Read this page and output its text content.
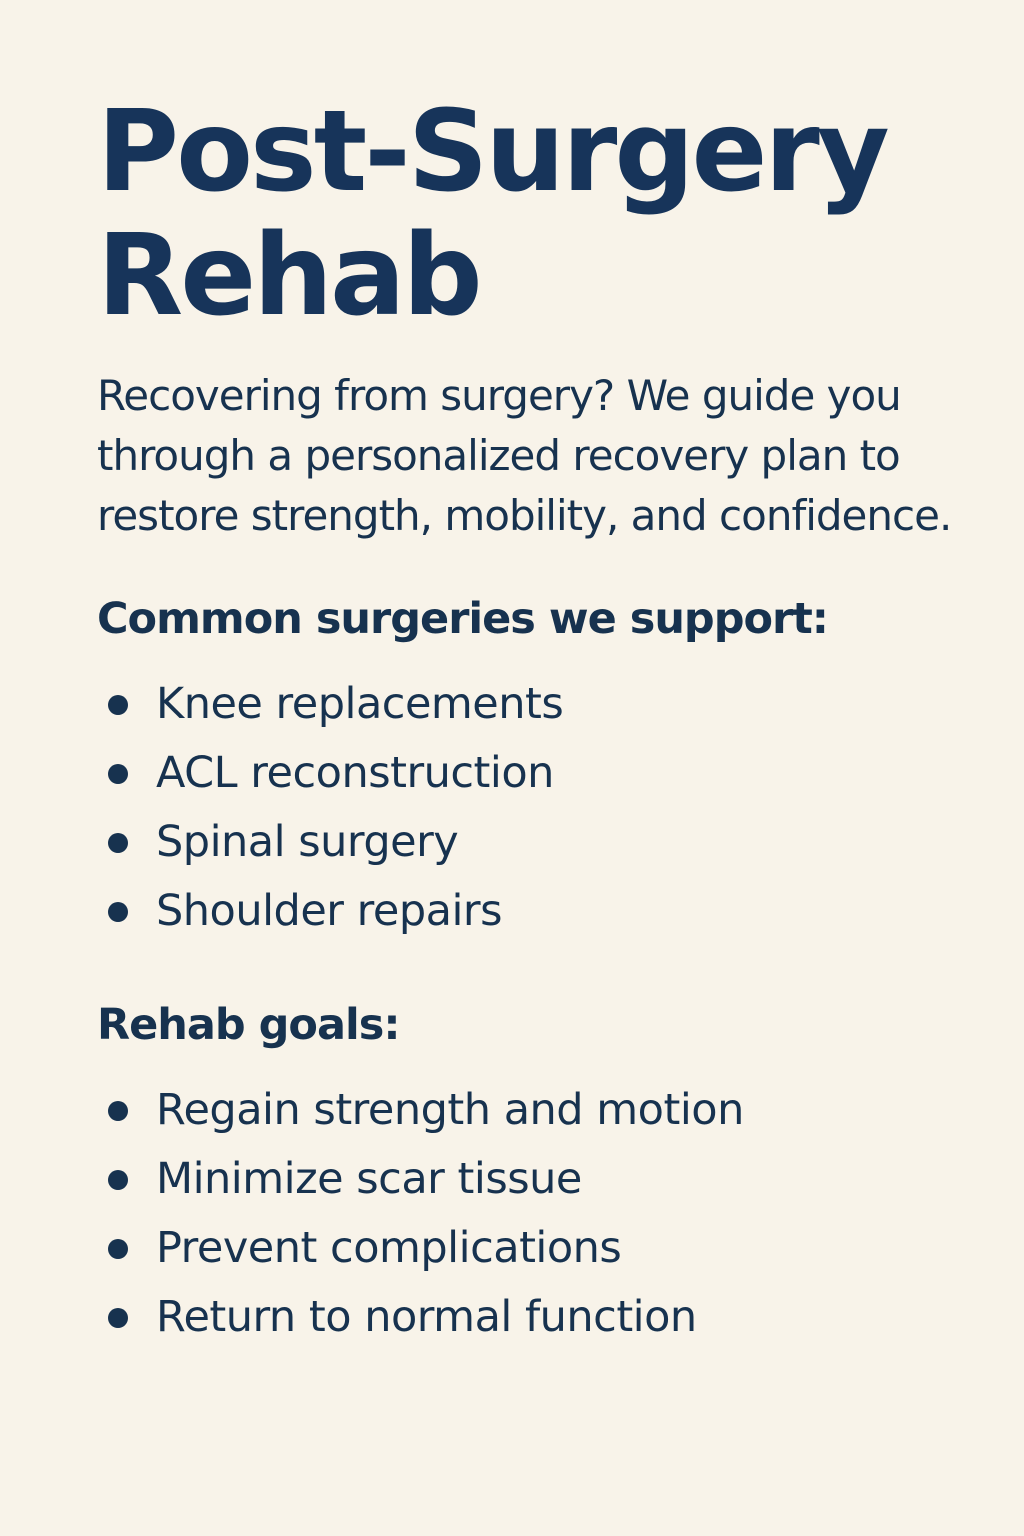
Post-Surgery
Rehab

Recovering from surgery? We guide you through a personalized recovery plan to restore strength, mobility, and confidence.

Common surgeries we support:
Knee replacements
ACL reconstruction
Spinal surgery
Shoulder repairs
Rehab goals:
Regain strength and motion
Minimize scar tissue
Prevent complications
Return to normal function
